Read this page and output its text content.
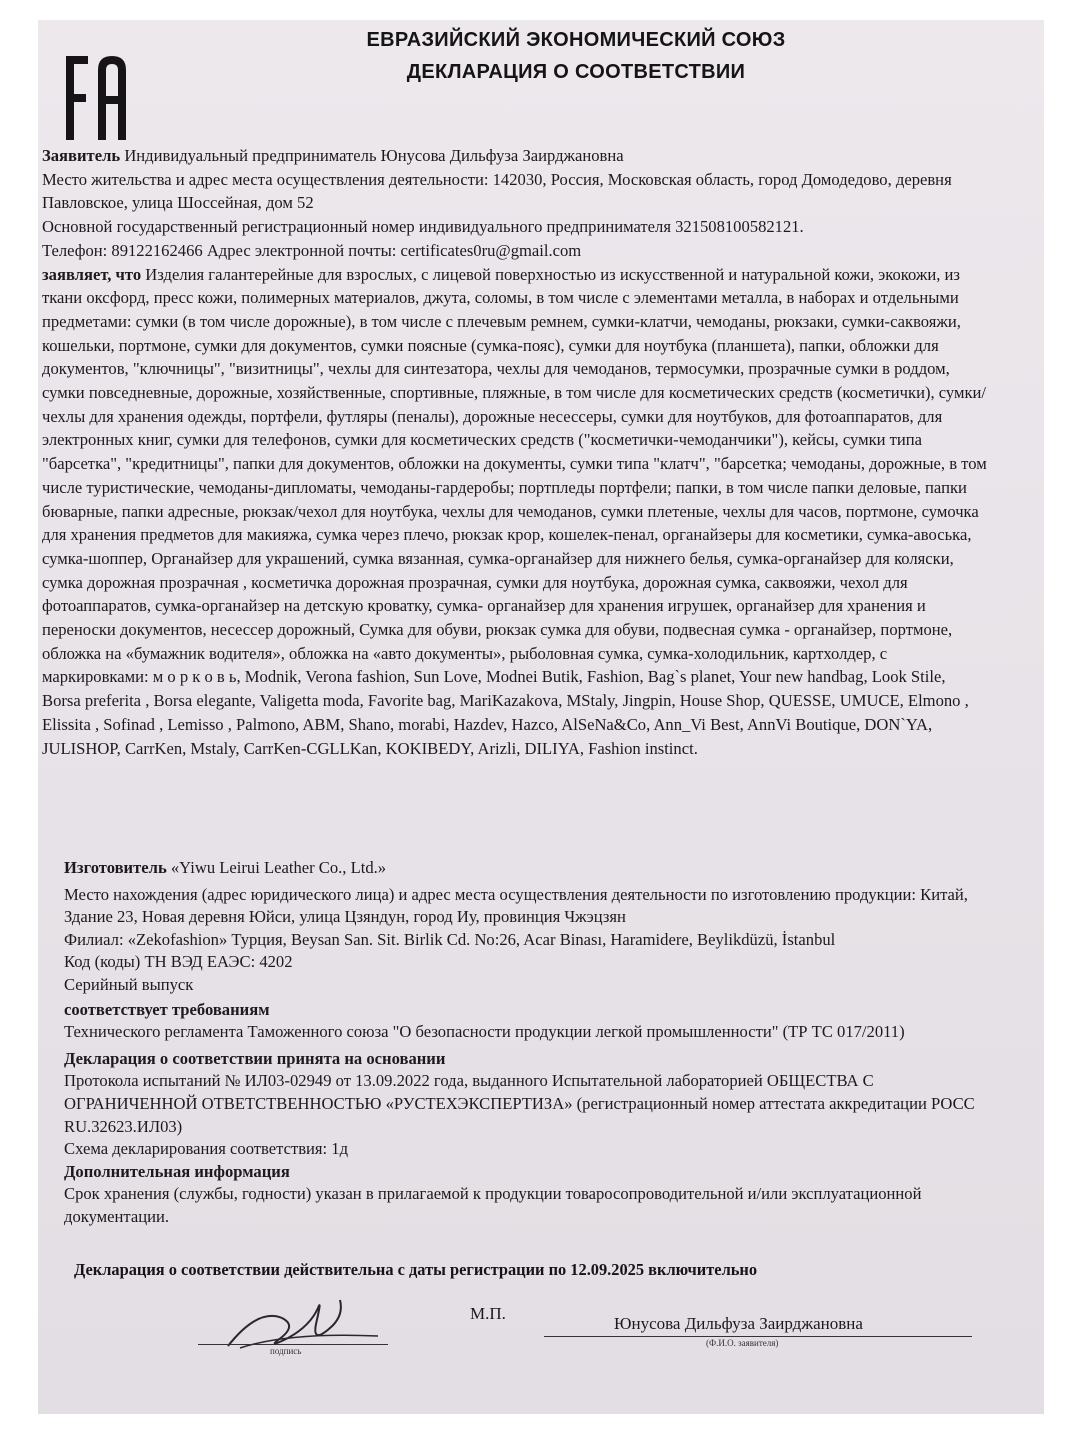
ЕВРАЗИЙСКИЙ ЭКОНОМИЧЕСКИЙ СОЮЗ
ДЕКЛАРАЦИЯ О СООТВЕТСТВИИ

Заявитель Индивидуальный предприниматель Юнусова Дильфуза Заирджановна

Место жительства и адрес места осуществления деятельности: 142030, Россия, Московская область, город Домодедово, деревня Павловское, улица Шоссейная, дом 52

Основной государственный регистрационный номер индивидуального предпринимателя 321508100582121.

Телефон: 89122162466 Адрес электронной почты: certificates0ru@gmail.com

заявляет, что Изделия галантерейные для взрослых, с лицевой поверхностью из искусственной и натуральной кожи, экокожи, из ткани оксфорд, пресс кожи, полимерных материалов, джута, соломы, в том числе с элементами металла, в наборах и отдельными предметами: сумки (в том числе дорожные), в том числе с плечевым ремнем, сумки-клатчи, чемоданы, рюкзаки, сумки-саквояжи, кошельки, портмоне, сумки для документов, сумки поясные (сумка-пояс), сумки для ноутбука (планшета), папки, обложки для документов, "ключницы", "визитницы", чехлы для синтезатора, чехлы для чемоданов, термосумки, прозрачные сумки в роддом, сумки повседневные, дорожные, хозяйственные, спортивные, пляжные, в том числе для косметических средств (косметички), сумки/чехлы для хранения одежды, портфели, футляры (пеналы), дорожные несессеры, сумки для ноутбуков, для фотоаппаратов, для электронных книг, сумки для телефонов, сумки для косметических средств ("косметички-чемоданчики"), кейсы, сумки типа "барсетка", "кредитницы", папки для документов, обложки на документы, сумки типа "клатч", "барсетка; чемоданы, дорожные, в том числе туристические, чемоданы-дипломаты, чемоданы-гардеробы; портпледы портфели; папки, в том числе папки деловые, папки бюварные, папки адресные, рюкзак/чехол для ноутбука, чехлы для чемоданов, сумки плетеные, чехлы для часов, портмоне, сумочка для хранения предметов для макияжа, сумка через плечо, рюкзак крор, кошелек-пенал, органайзеры для косметики, сумка-авоська, сумка-шоппер, Органайзер для украшений, сумка вязанная, сумка-органайзер для нижнего белья, сумка-органайзер для коляски, сумка дорожная прозрачная , косметичка дорожная прозрачная, сумки для ноутбука, дорожная сумка, саквояжи, чехол для фотоаппаратов, сумка-органайзер на детскую кроватку, сумка- органайзер для хранения игрушек, органайзер для хранения и переноски документов, несессер дорожный, Сумка для обуви, рюкзак сумка для обуви, подвесная сумка - органайзер, портмоне, обложка на «бумажник водителя», обложка на «авто документы», рыболовная сумка, сумка-холодильник, картхолдер, с маркировками: м о р к о в ь, Modnik, Verona fashion, Sun Love, Modnei Butik, Fashion, Bag`s planet, Your new handbag, Look Stile, Borsa preferita , Borsa elegante, Valigetta moda, Favorite bag, MariKazakova, MStaly, Jingpin, House Shop, QUESSE, UMUCE, Elmono , Elissita , Sofinad , Lemisso , Palmono, ABM, Shano, morabi, Hazdev, Hazco, AlSeNa&Co, Ann_Vi Best, AnnVi Boutique, DON`YA, JULISHOP, CarrKen, Mstaly, CarrKen-CGLLKan, KOKIBEDY, Arizli, DILIYA, Fashion instinct.

Изготовитель «Yiwu Leirui Leather Co., Ltd.»

Место нахождения (адрес юридического лица) и адрес места осуществления деятельности по изготовлению продукции: Китай, Здание 23, Новая деревня Юйси, улица Цзяндун, город Иу, провинция Чжэцзян

Филиал: «Zekofashion» Турция, Beysan San. Sit. Birlik Cd. No:26, Acar Binası, Haramidere, Beylikdüzü, İstanbul

Код (коды) ТН ВЭД ЕАЭС: 4202

Серийный выпуск

соответствует требованиям

Технического регламента Таможенного союза "О безопасности продукции легкой промышленности" (ТР ТС 017/2011)

Декларация о соответствии принята на основании

Протокола испытаний № ИЛ03-02949 от 13.09.2022 года, выданного Испытательной лабораторией ОБЩЕСТВА С ОГРАНИЧЕННОЙ ОТВЕТСТВЕННОСТЬЮ «РУСТЕХЭКСПЕРТИЗА» (регистрационный номер аттестата аккредитации РОСС RU.32623.ИЛ03)

Схема декларирования соответствия: 1д

Дополнительная информация

Срок хранения (службы, годности) указан в прилагаемой к продукции товаросопроводительной и/или эксплуатационной документации.

Декларация о соответствии действительна с даты регистрации по 12.09.2025 включительно
подпись
М.П.
Юнусова Дильфуза Заирджановна
(Ф.И.О. заявителя)
